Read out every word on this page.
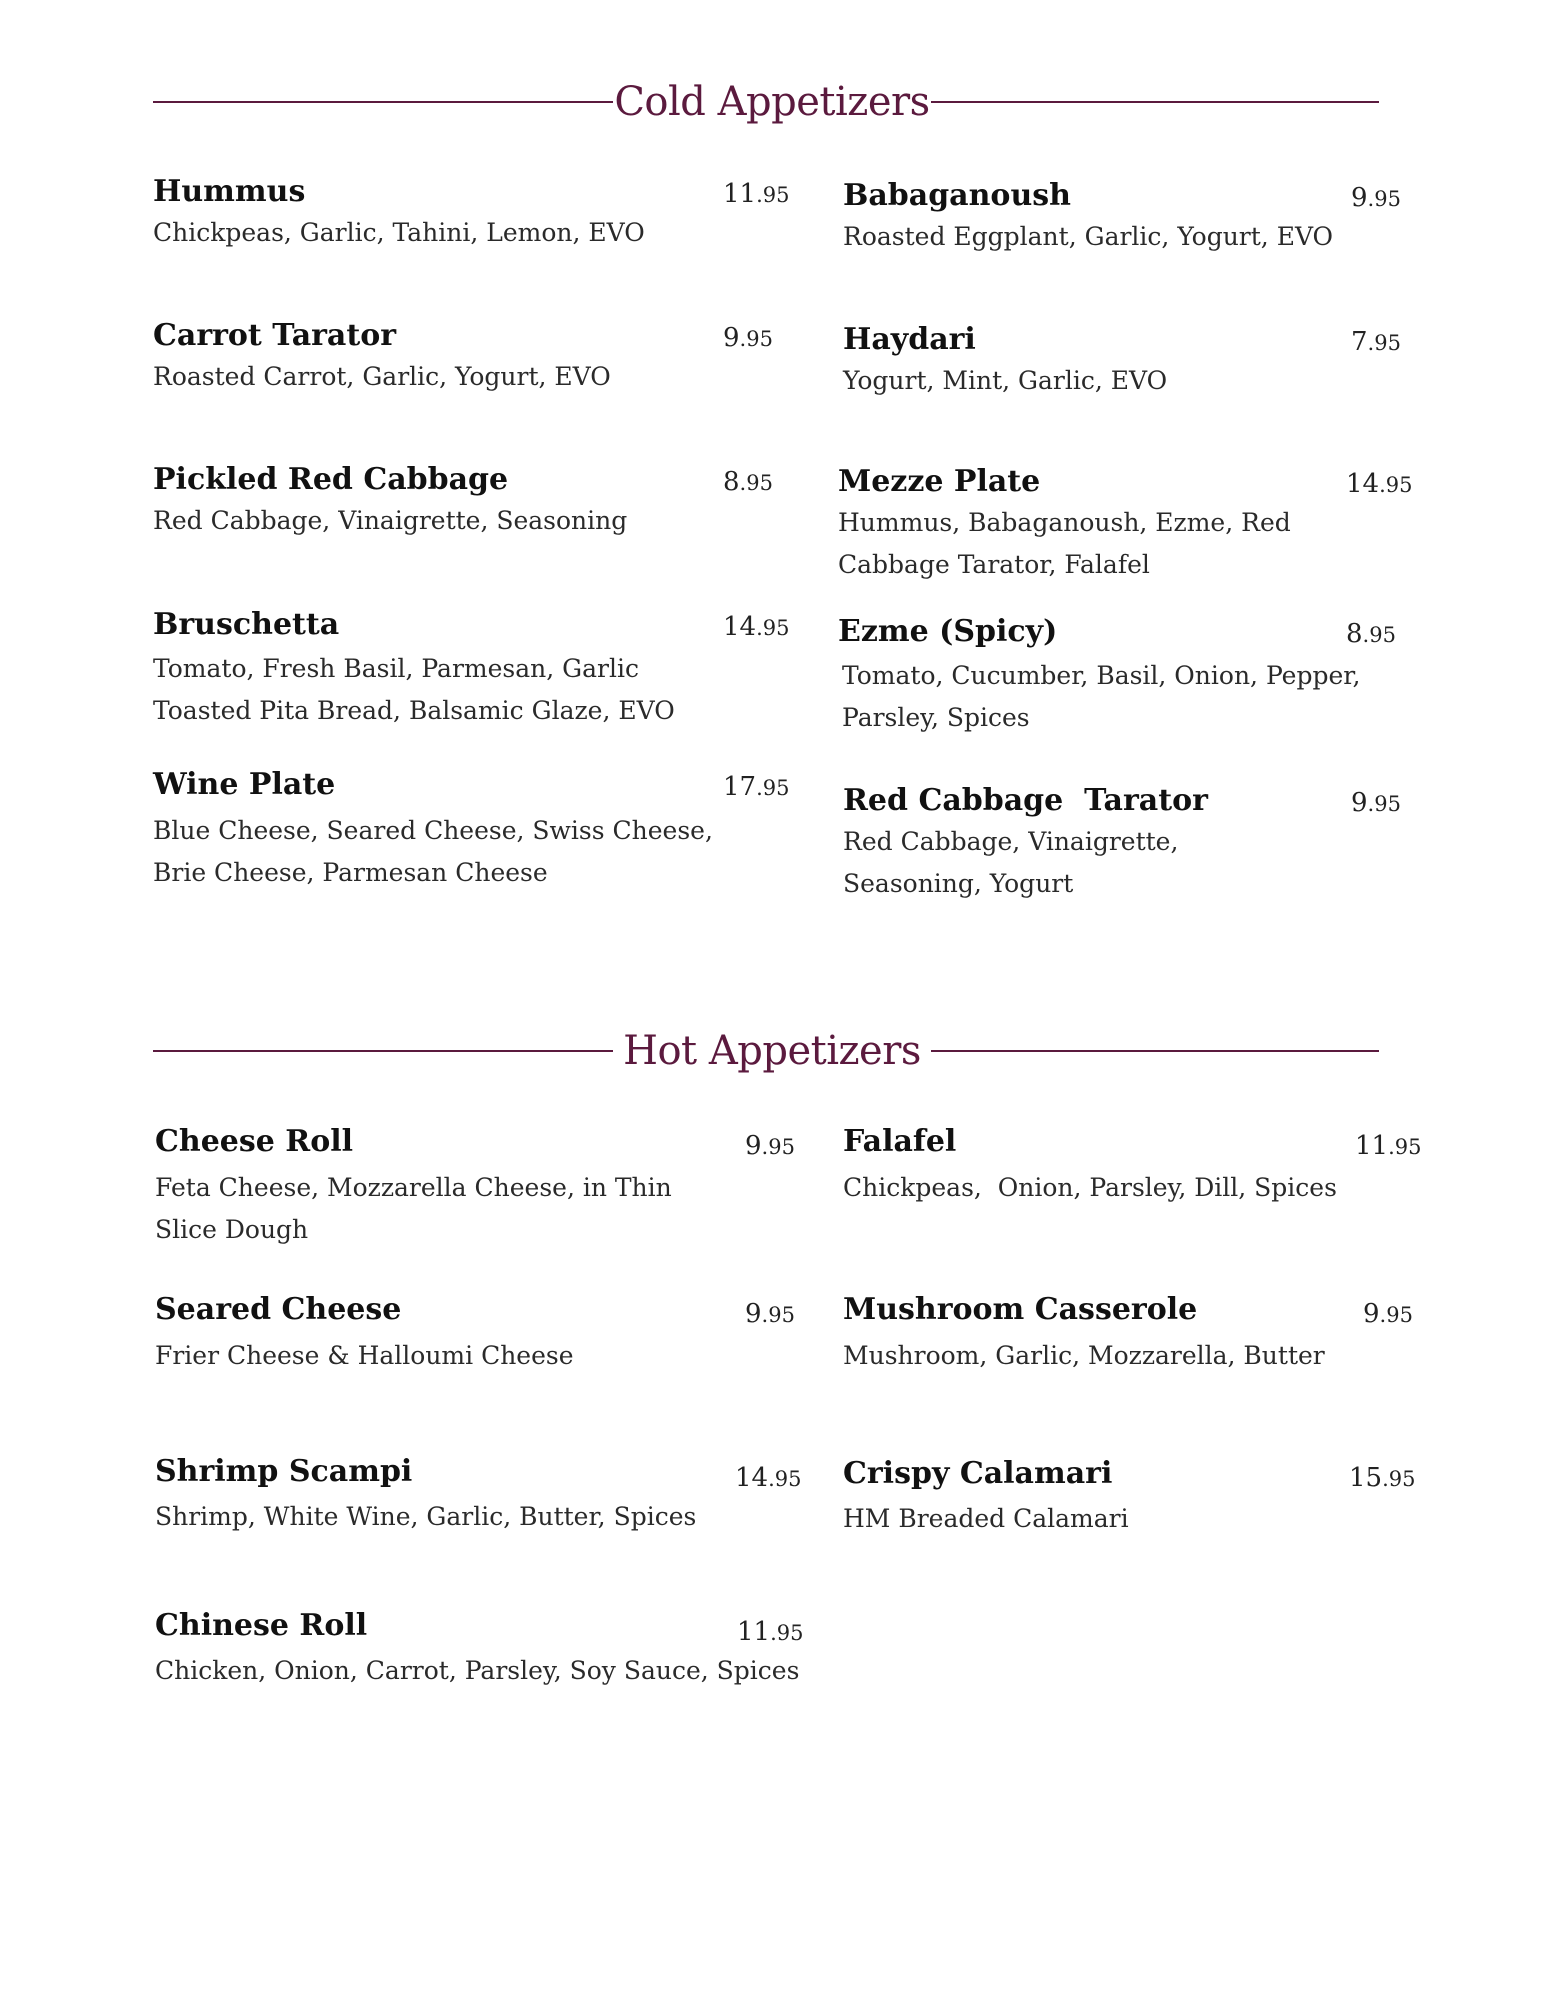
Cold Appetizers
Hummus	11.95
Chickpeas, Garlic, Tahini, Lemon, EVO
Babaganoush	9.95
Roasted Eggplant, Garlic, Yogurt, EVO
Carrot Tarator	9.95
Roasted Carrot, Garlic, Yogurt, EVO
Haydari	7.95
Yogurt, Mint, Garlic, EVO
Pickled Red Cabbage	8.95
Red Cabbage, Vinaigrette, Seasoning
Mezze Plate	14.95
Hummus, Babaganoush, Ezme, Red Cabbage Tarator, Falafel
Bruschetta	14.95
Tomato, Fresh Basil, Parmesan, Garlic Toasted Pita Bread, Balsamic Glaze, EVO
Ezme (Spicy)	8.95
Tomato, Cucumber, Basil, Onion, Pepper, Parsley, Spices
Wine Plate	17.95
Blue Cheese, Seared Cheese, Swiss Cheese, Brie Cheese, Parmesan Cheese
Red Cabbage  Tarator	9.95
Red Cabbage, Vinaigrette, Seasoning, Yogurt
Hot Appetizers
Cheese Roll	9.95
Feta Cheese, Mozzarella Cheese, in Thin Slice Dough
Falafel	11.95
Chickpeas,  Onion, Parsley, Dill, Spices
Seared Cheese	9.95
Frier Cheese & Halloumi Cheese
Mushroom Casserole	9.95
Mushroom, Garlic, Mozzarella, Butter
Shrimp Scampi	14.95
Shrimp, White Wine, Garlic, Butter, Spices
Crispy Calamari	15.95
HM Breaded Calamari
Chinese Roll	11.95
Chicken, Onion, Carrot, Parsley, Soy Sauce, Spices
